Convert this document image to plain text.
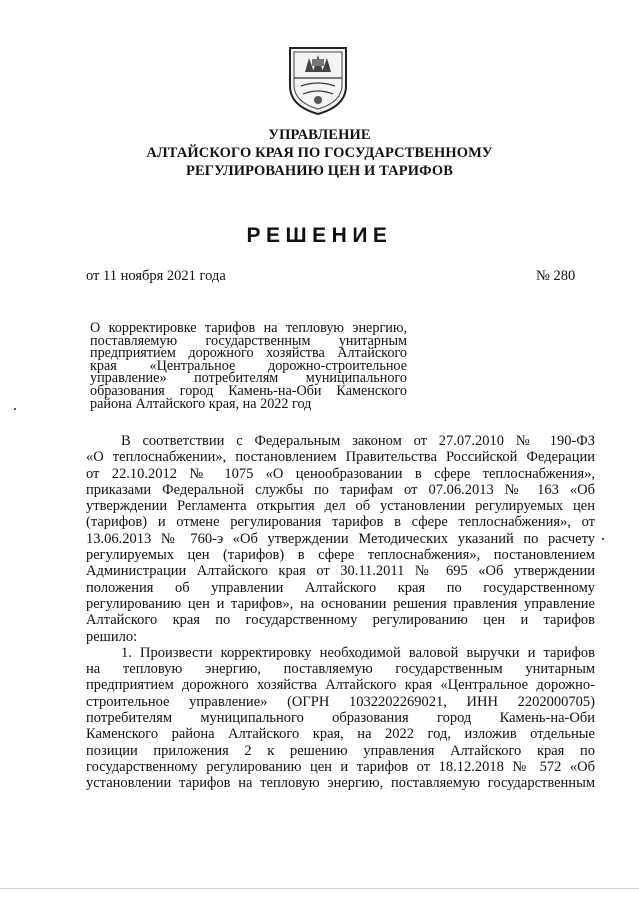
УПРАВЛЕНИЕ
АЛТАЙСКОГО КРАЯ ПО ГОСУДАРСТВЕННОМУ
РЕГУЛИРОВАНИЮ ЦЕН И ТАРИФОВ
РЕШЕНИЕ
от 11 ноября 2021 года	№ 280
О корректировке тарифов на тепловую энергию,
поставляемую государственным унитарным
предприятием дорожного хозяйства Алтайского
края «Центральное дорожно-строительное
управление» потребителям муниципального
образования город Камень-на-Оби Каменского
района Алтайского края, на 2022 год
В соответствии с Федеральным законом от 27.07.2010 № 190-ФЗ
«О теплоснабжении», постановлением Правительства Российской Федерации
от 22.10.2012 № 1075 «О ценообразовании в сфере теплоснабжения»,
приказами Федеральной службы по тарифам от 07.06.2013 № 163 «Об
утверждении Регламента открытия дел об установлении регулируемых цен
(тарифов) и отмене регулирования тарифов в сфере теплоснабжения», от
13.06.2013 № 760-э «Об утверждении Методических указаний по расчету
регулируемых цен (тарифов) в сфере теплоснабжения», постановлением
Администрации Алтайского края от 30.11.2011 № 695 «Об утверждении
положения об управлении Алтайского края по государственному
регулированию цен и тарифов», на основании решения правления управление
Алтайского края по государственному регулированию цен и тарифов
решило:
1. Произвести корректировку необходимой валовой выручки и тарифов
на тепловую энергию, поставляемую государственным унитарным
предприятием дорожного хозяйства Алтайского края «Центральное дорожно-
строительное управление» (ОГРН 1032202269021, ИНН 2202000705)
потребителям муниципального образования город Камень-на-Оби
Каменского района Алтайского края, на 2022 год, изложив отдельные
позиции приложения 2 к решению управления Алтайского края по
государственному регулированию цен и тарифов от 18.12.2018 № 572 «Об
установлении тарифов на тепловую энергию, поставляемую государственным
